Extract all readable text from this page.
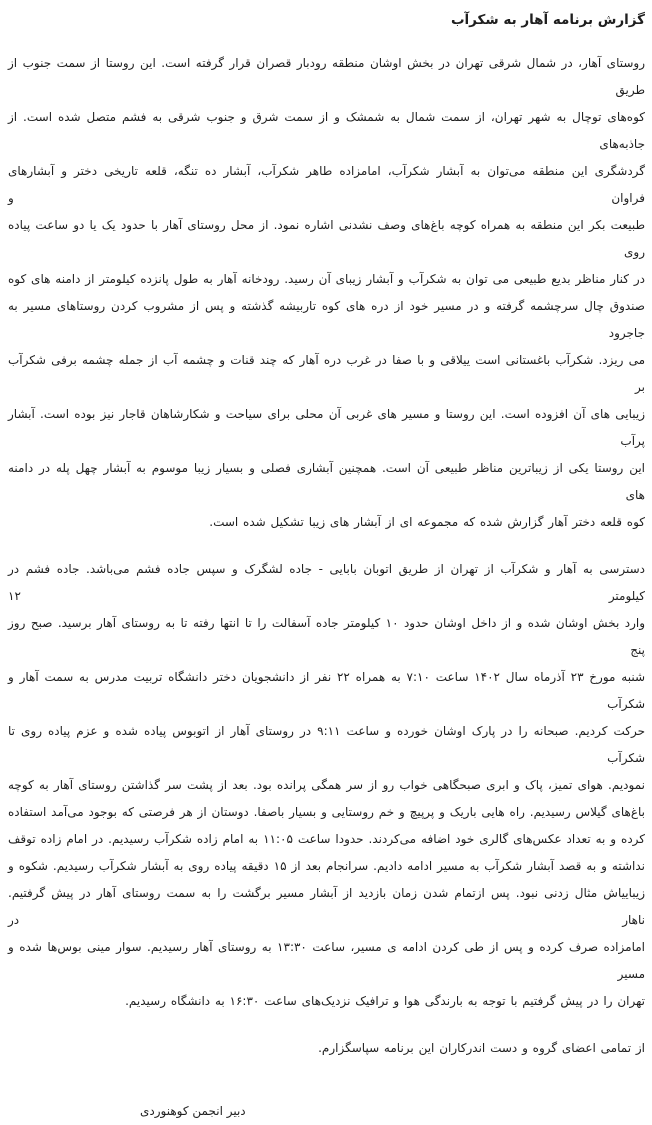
گزارش برنامه آهار به شکرآب
روستای آهار، در شمال شرقی تهران در بخش اوشان منطقه رودبار قصران قرار گرفته است. این روستا از سمت جنوب از طریق
کوه‌های توچال به شهر تهران، از سمت شمال به شمشک و از سمت شرق و جنوب شرقی به فشم متصل شده است. از جاذبه‌های
گردشگری این منطقه می‌توان به آبشار شکرآب، امامزاده طاهر شکرآب، آبشار ده تنگه، قلعه تاریخی دختر و آبشارهای فراوان و
طبیعت بکر این منطقه به همراه کوچه باغ‌های وصف نشدنی اشاره نمود. از محل روستای آهار با حدود یک یا دو ساعت پیاده روی
در کنار مناظر بدیع طبیعی می توان به شکرآب و آبشار زیبای آن رسید. رودخانه آهار به طول پانزده کیلومتر از دامنه های کوه
صندوق چال سرچشمه گرفته و در مسیر خود از دره های کوه تاربیشه گذشته و پس از مشروب کردن روستاهای مسیر به جاجرود
می ریزد. شکرآب باغستانی است ییلاقی و با صفا در غرب دره آهار که چند قنات و چشمه آب از جمله چشمه برفی شکرآب بر
زیبایی های آن افزوده است. این روستا و مسیر های غربی آن محلی برای سیاحت و شکارشاهان قاجار نیز بوده است. آبشار پرآب
این روستا یکی از زیباترین مناظر طبیعی آن است. همچنین آبشاری فصلی و بسیار زیبا موسوم به آبشار چهل پله در دامنه های
کوه قلعه دختر آهار گزارش شده که مجموعه ای از آبشار های زیبا تشکیل شده است.
دسترسی به آهار و شکرآب از تهران از طریق اتوبان بابایی - جاده لشگرک و سپس جاده فشم می‌باشد. جاده فشم در کیلومتر ۱۲
وارد بخش اوشان شده و از داخل اوشان حدود ۱۰ کیلومتر جاده آسفالت را تا انتها رفته تا به روستای آهار برسید. صبح روز پنج
شنبه مورخ ۲۳ آذرماه سال ۱۴۰۲ ساعت ۷:۱۰ به همراه ۲۲ نفر از دانشجویان دختر دانشگاه تربیت مدرس به سمت آهار و شکرآب
حرکت کردیم. صبحانه را در پارک اوشان خورده و ساعت ۹:۱۱ در روستای آهار از اتوبوس پیاده شده و عزم پیاده روی تا شکرآب
نمودیم. هوای تمیز، پاک و ابری صبحگاهی خواب رو از سر همگی پرانده بود. بعد از پشت سر گذاشتن روستای آهار به کوچه
باغ‌های گیلاس رسیدیم. راه هایی باریک و پرپیچ و خم روستایی و بسیار باصفا. دوستان از هر فرصتی که بوجود می‌آمد استفاده
کرده و به تعداد عکس‌های گالری خود اضافه می‌کردند. حدودا ساعت ۱۱:۰۵ به امام زاده شکرآب رسیدیم. در امام زاده توقف
نداشته و به قصد آبشار شکرآب به مسیر ادامه دادیم. سرانجام بعد از ۱۵ دقیقه پیاده روی به آبشار شکرآب رسیدیم. شکوه و
زیباییاش مثال زدنی نبود. پس ازتمام شدن زمان بازدید از آبشار مسیر برگشت را به سمت روستای آهار در پیش گرفتیم. ناهار در
امامزاده صرف کرده و پس از طی کردن ادامه ی مسیر، ساعت ۱۳:۳۰ به روستای آهار رسیدیم. سوار مینی بوس‌ها شده و مسیر
تهران را در پیش گرفتیم با توجه به بارندگی هوا و ترافیک نزدیک‌های ساعت ۱۶:۳۰ به دانشگاه رسیدیم.
از تمامی اعضای گروه و دست اندرکاران این برنامه سپاسگزارم.
دبیر انجمن کوهنوردی
